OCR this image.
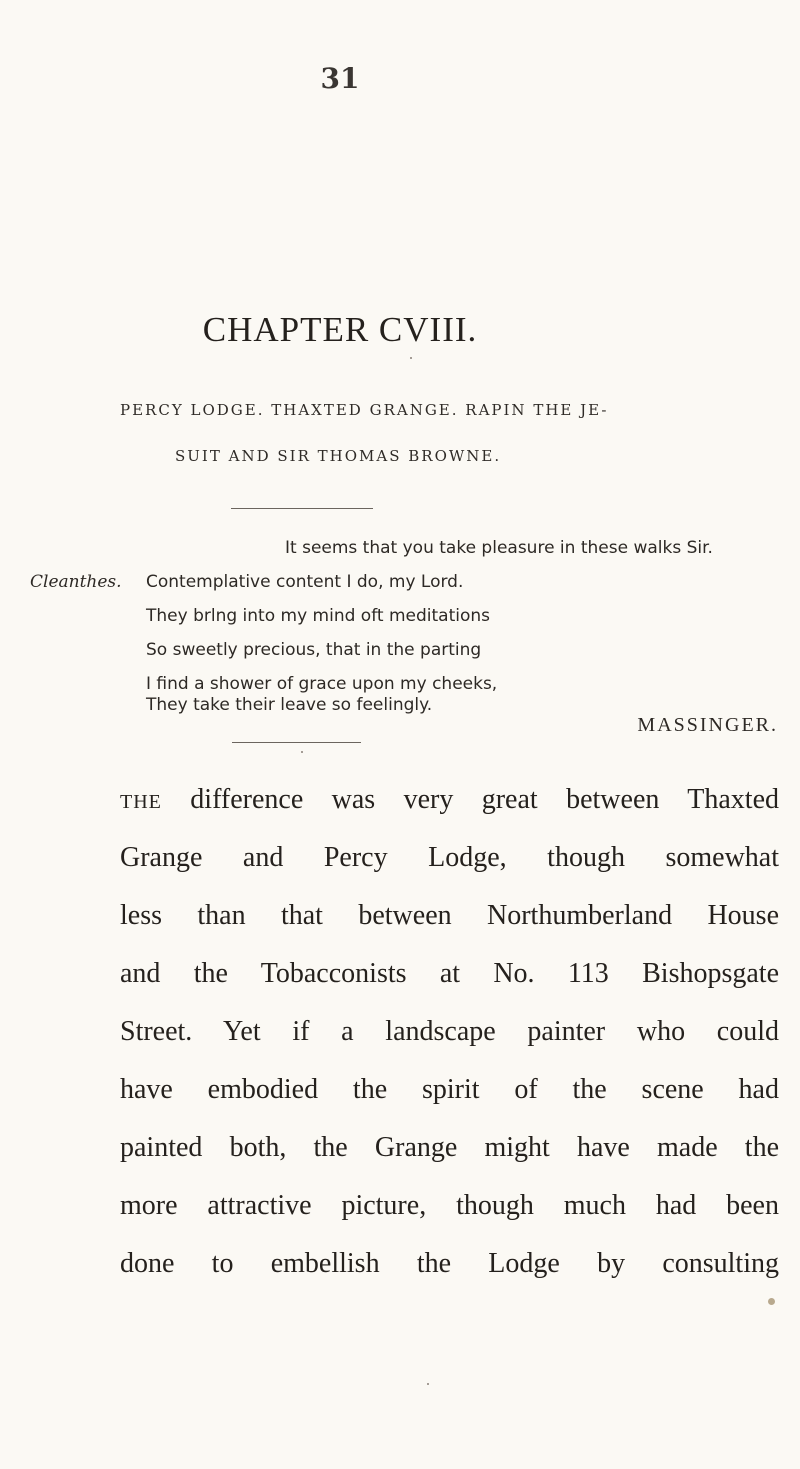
31
CHAPTER CVIII.
PERCY LODGE. THAXTED GRANGE. RAPIN THE JE-
SUIT AND SIR THOMAS BROWNE.
It seems that you take pleasure in these walks Sir.
Cleanthes. Contemplative content I do, my Lord.
They brlng into my mind oft meditations
So sweetly precious, that in the parting
I find a shower of grace upon my cheeks,
They take their leave so feelingly.
MASSINGER.
THE difference was very great between Thaxted
Grange and Percy Lodge, though somewhat
less than that between Northumberland House
and the Tobacconists at No. 113 Bishopsgate
Street. Yet if a landscape painter who could
have embodied the spirit of the scene had
painted both, the Grange might have made the
more attractive picture, though much had been
done to embellish the Lodge by consulting
